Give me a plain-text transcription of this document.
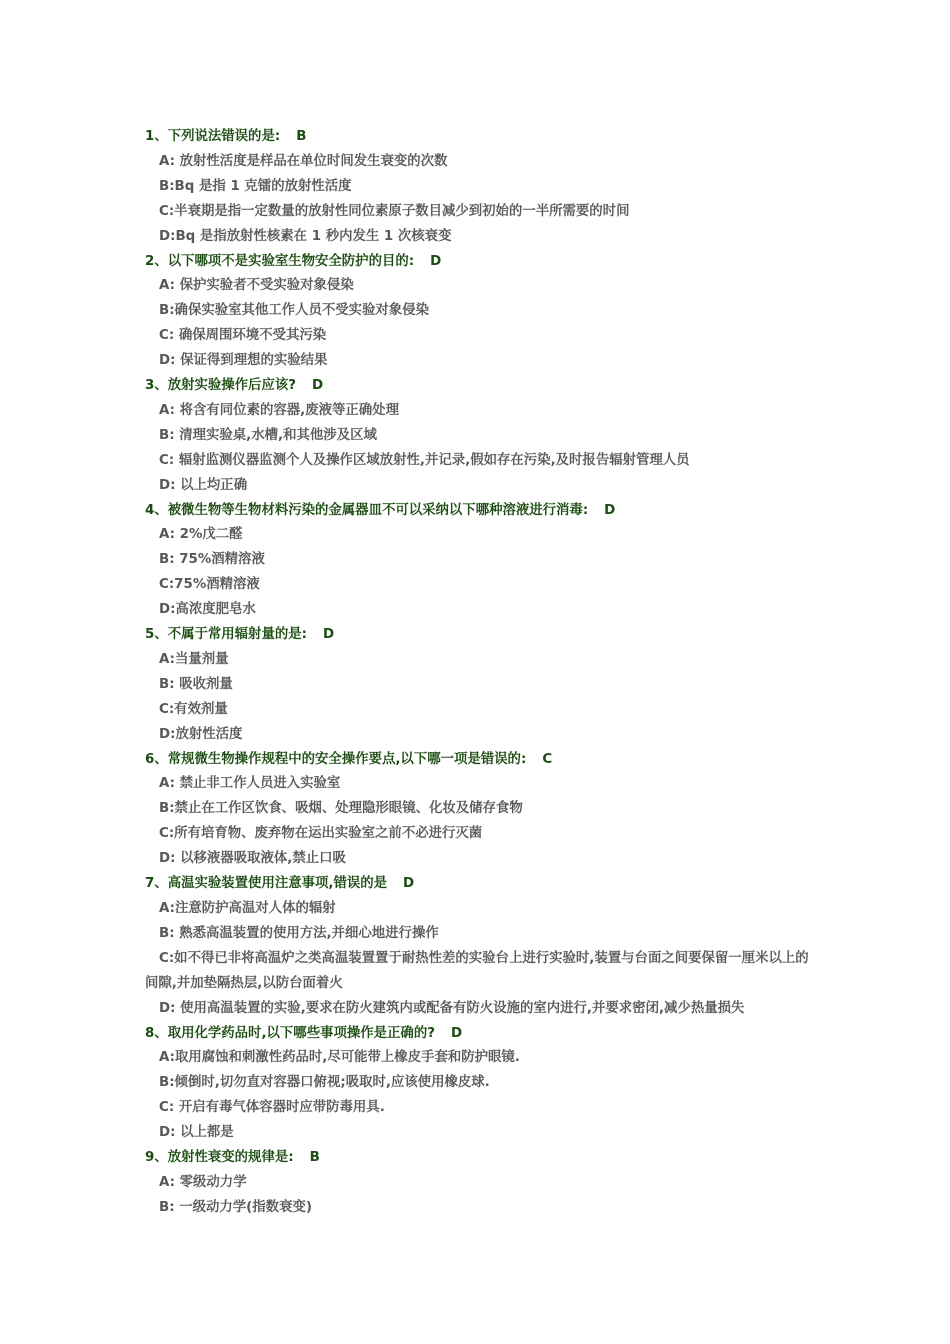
1、下列说法错误的是: B
A: 放射性活度是样品在单位时间发生衰变的次数
B:Bq 是指 1 克镭的放射性活度
C:半衰期是指一定数量的放射性同位素原子数目减少到初始的一半所需要的时间
D:Bq 是指放射性核素在 1 秒内发生 1 次核衰变
2、以下哪项不是实验室生物安全防护的目的: D
A: 保护实验者不受实验对象侵染
B:确保实验室其他工作人员不受实验对象侵染
C: 确保周围环境不受其污染
D: 保证得到理想的实验结果
3、放射实验操作后应该? D
A: 将含有同位素的容器,废液等正确处理
B: 清理实验桌,水槽,和其他涉及区域
C: 辐射监测仪器监测个人及操作区域放射性,并记录,假如存在污染,及时报告辐射管理人员
D: 以上均正确
4、被微生物等生物材料污染的金属器皿不可以采纳以下哪种溶液进行消毒: D
A: 2%戊二醛
B: 75%酒精溶液
C:75%酒精溶液
D:高浓度肥皂水
5、不属于常用辐射量的是: D
A:当量剂量
B: 吸收剂量
C:有效剂量
D:放射性活度
6、常规微生物操作规程中的安全操作要点,以下哪一项是错误的: C
A: 禁止非工作人员进入实验室
B:禁止在工作区饮食、吸烟、处理隐形眼镜、化妆及储存食物
C:所有培育物、废弃物在运出实验室之前不必进行灭菌
D: 以移液器吸取液体,禁止口吸
7、高温实验装置使用注意事项,错误的是 D
A:注意防护高温对人体的辐射
B: 熟悉高温装置的使用方法,并细心地进行操作
C:如不得已非将高温炉之类高温装置置于耐热性差的实验台上进行实验时,装置与台面之间要保留一厘米以上的间隙,并加垫隔热层,以防台面着火
D: 使用高温装置的实验,要求在防火建筑内或配备有防火设施的室内进行,并要求密闭,减少热量损失
8、取用化学药品时,以下哪些事项操作是正确的? D
A:取用腐蚀和刺激性药品时,尽可能带上橡皮手套和防护眼镜.
B:倾倒时,切勿直对容器口俯视;吸取时,应该使用橡皮球.
C: 开启有毒气体容器时应带防毒用具.
D: 以上都是
9、放射性衰变的规律是: B
A: 零级动力学
B: 一级动力学(指数衰变)
